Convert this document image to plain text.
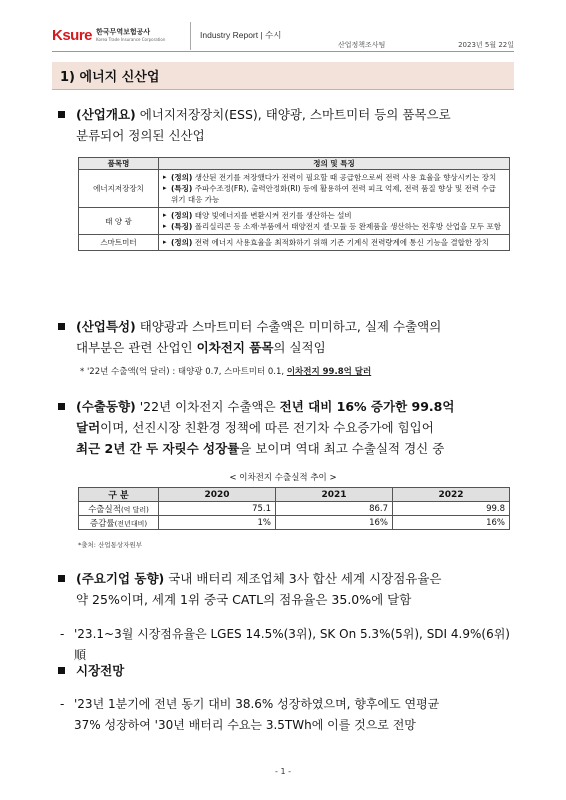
Ksure 한국무역보험공사
Korea Trade Insurance Corporation	Industry Report | 수시
산업정책조사팀	2023년 5월 22일
1) 에너지 신산업
(산업개요) 에너지저장장치(ESS), 태양광, 스마트미터 등의 품목으로
분류되어 정의된 신산업
품목명	정의 및 특징
에너지저장장치	▸ (정의) 생산된 전기를 저장했다가 전력이 필요할 때 공급함으로써 전력 사용 효율을 향상시키는 장치
▸ (특징) 주파수조정(FR), 출력안정화(RI) 등에 활용하여 전력 피크 억제, 전력 품질 향상 및 전력 수급 위기 대응 가능

태 양 광	▸ (정의) 태양 빛에너지를 변환시켜 전기를 생산하는 설비
▸ (특징) 폴리실리콘 등 소재·부품에서 태양전지 셀·모듈 등 완제품을 생산하는 전후방 산업을 모두 포함

스마트미터	▸ (정의) 전력 에너지 사용효율을 최적화하기 위해 기존 기계식 전력량계에 통신 기능을 결합한 장치
(산업특성) 태양광과 스마트미터 수출액은 미미하고, 실제 수출액의
대부분은 관련 산업인 이차전지 품목의 실적임
* '22년 수출액(억 달러) : 태양광 0.7, 스마트미터 0.1, 이차전지 99.8억 달러
(수출동향) '22년 이차전지 수출액은 전년 대비 16% 증가한 99.8억
달러이며, 선진시장 친환경 정책에 따른 전기차 수요증가에 힘입어
최근 2년 간 두 자릿수 성장률을 보이며 역대 최고 수출실적 경신 중
< 이차전지 수출실적 추이 >
구 분	2020	2021	2022
수출실적(억 달러)	75.1	86.7	99.8
증감률(전년대비)	1%	16%	16%
*출처: 산업통상자원부
(주요기업 동향) 국내 배터리 제조업체 3사 합산 세계 시장점유율은
약 25%이며, 세계 1위 중국 CATL의 점유율은 35.0%에 달함
- '23.1~3월 시장점유율은 LGES 14.5%(3위), SK On 5.3%(5위), SDI 4.9%(6위) 順
시장전망
- '23년 1분기에 전년 동기 대비 38.6% 성장하였으며, 향후에도 연평균
37% 성장하여 '30년 배터리 수요는 3.5TWh에 이를 것으로 전망
- 1 -
